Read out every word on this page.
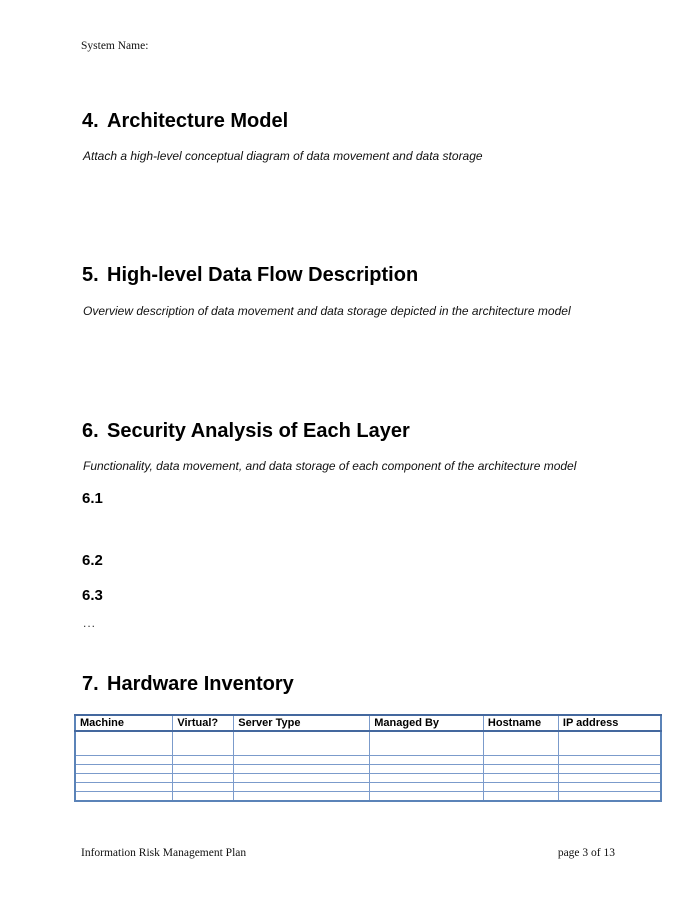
System Name:
4. Architecture Model
Attach a high-level conceptual diagram of data movement and data storage
5. High-level Data Flow Description
Overview description of data movement and data storage depicted in the architecture model
6. Security Analysis of Each Layer
Functionality, data movement, and data storage of each component of the architecture model
6.1
6.2
6.3
...
7. Hardware Inventory
Machine	Virtual?	Server Type	Managed By	Hostname	IP address

Information Risk Management Plan	page 3 of 13
